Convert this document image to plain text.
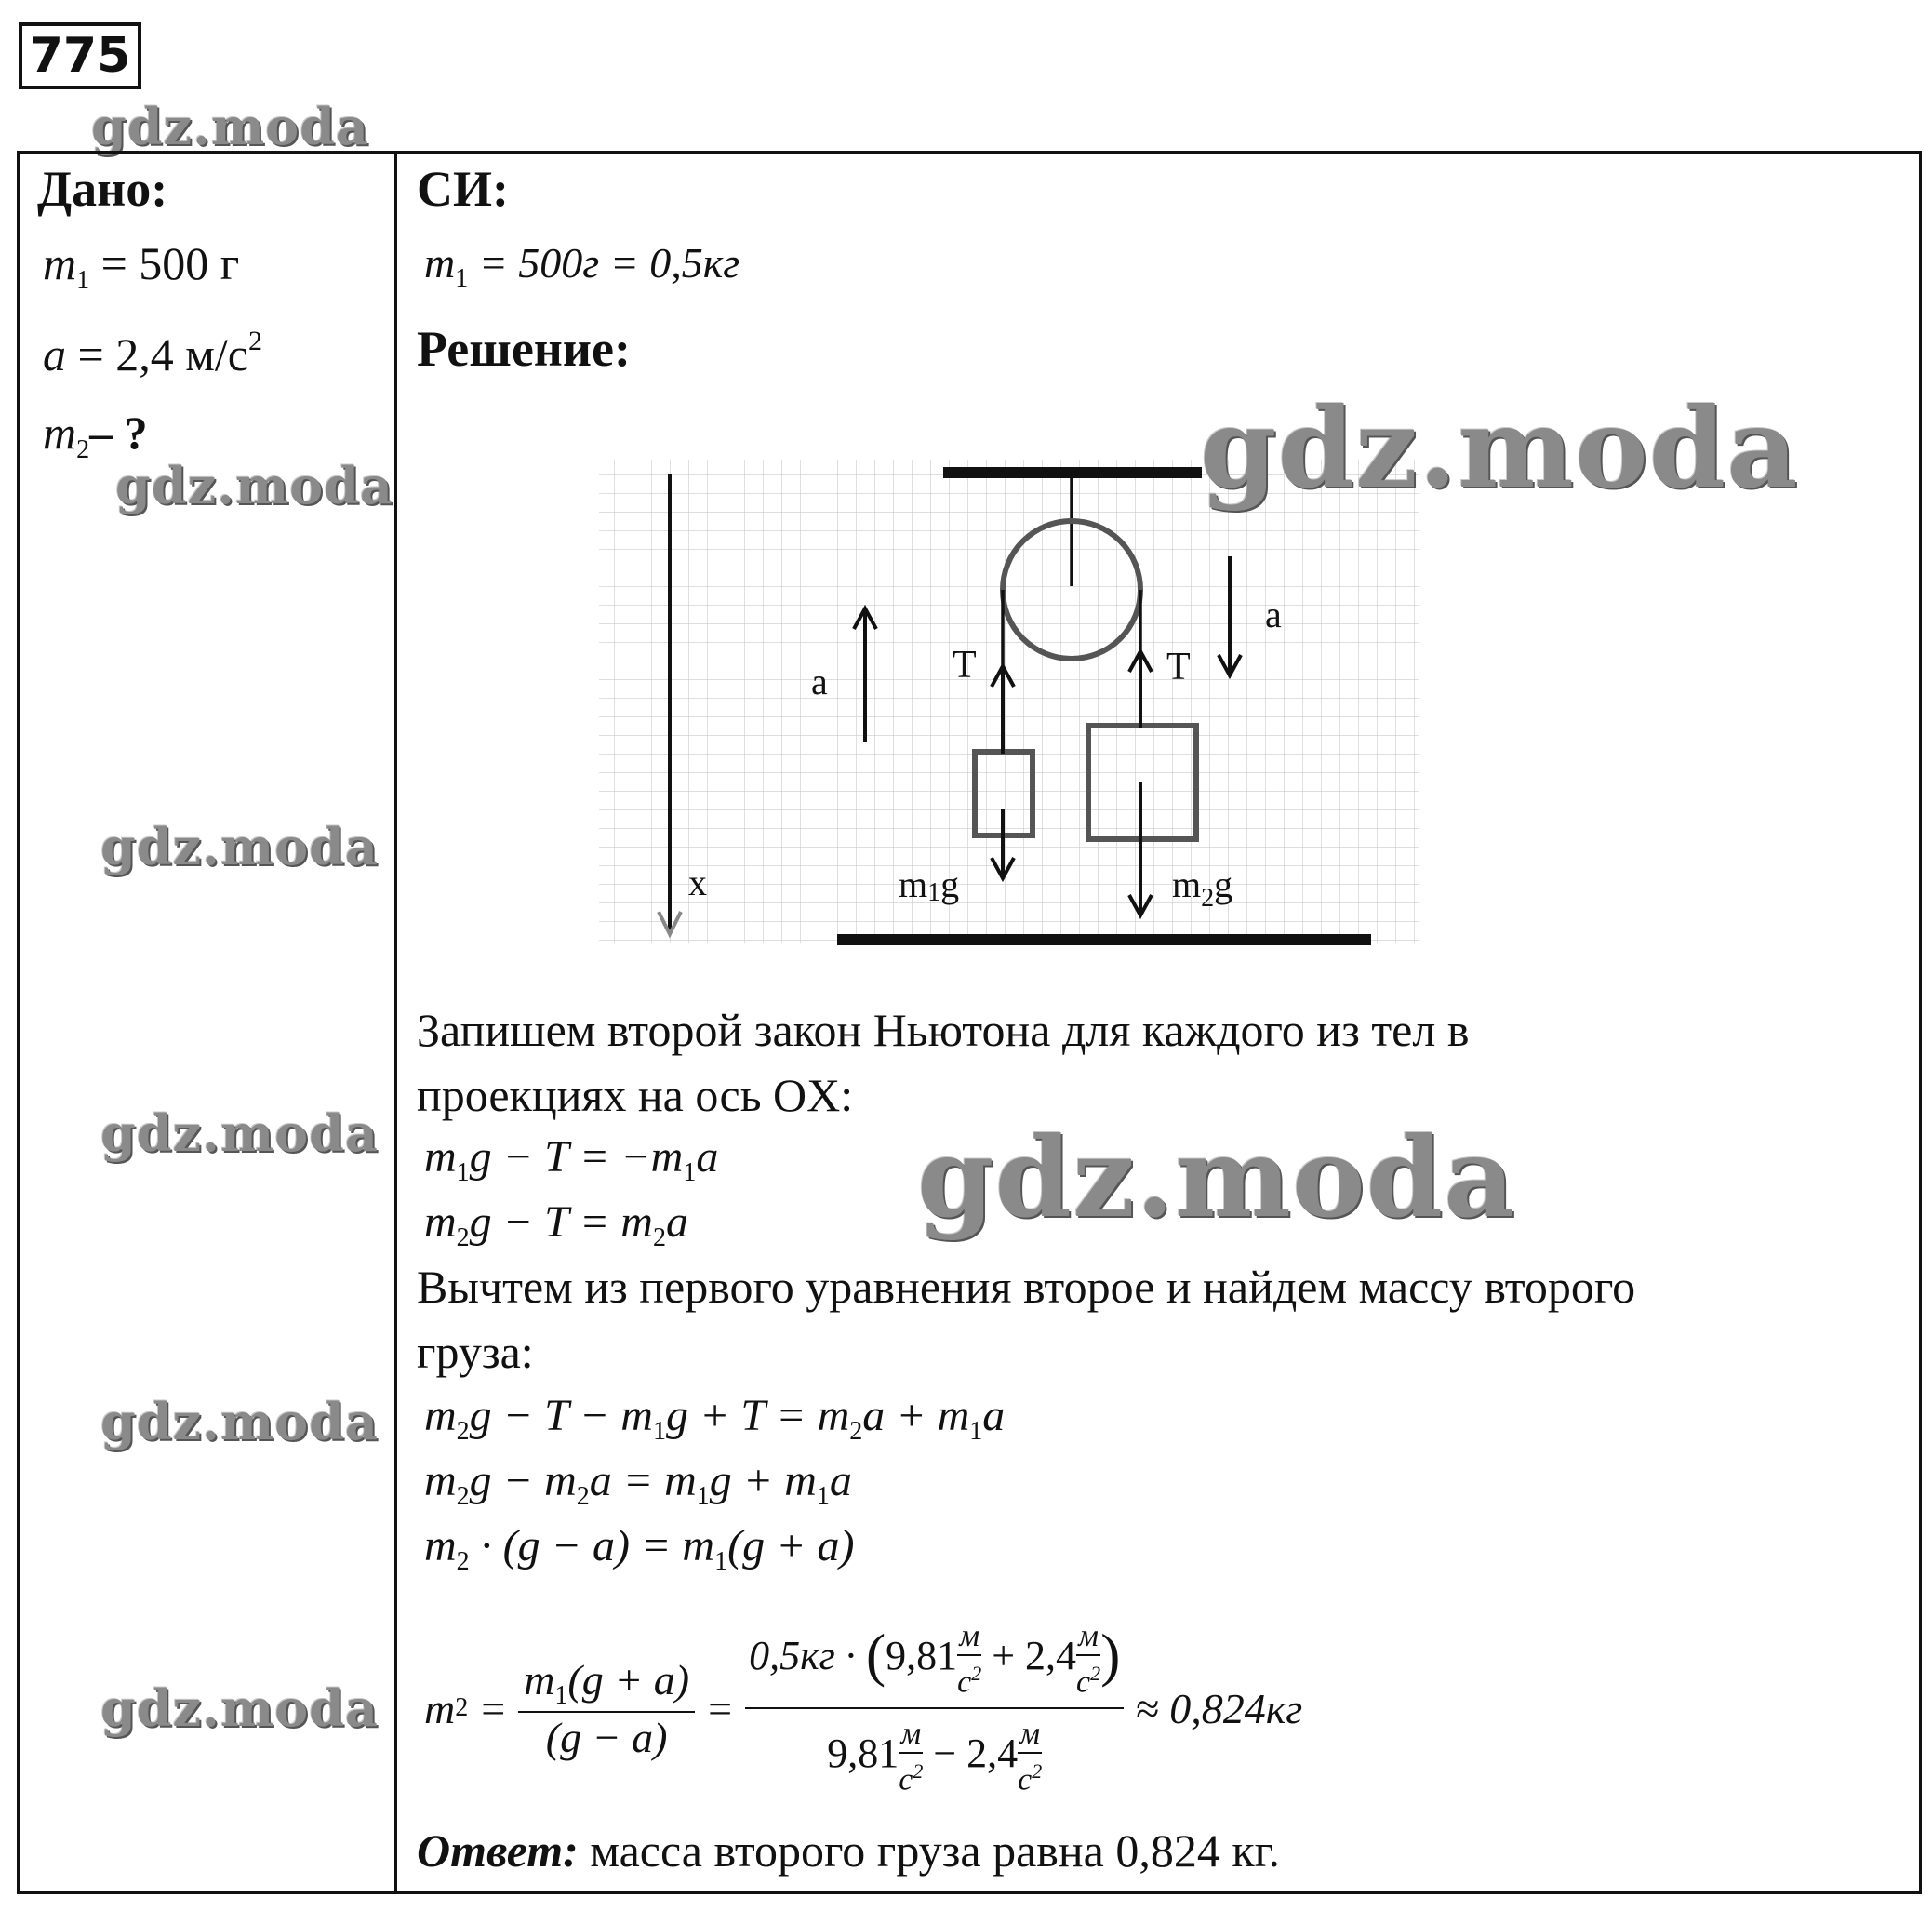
775
gdz.moda
gdz.moda
gdz.moda
gdz.moda
gdz.moda
gdz.moda
Дано:
$m_1 = 500$ г
a = 2,4 $м/с^2$
$m_2-$ ?
СИ:
$m_1 = 500г = 0,5кг$
Решение:
a
a
T	T
x	m1g	$m_2g$
gdz.moda
gdz.moda
Запишем второй закон Ньютона для каждого из тел в
проекциях на ось OX:
$m_1g - T = -m_1a$
$m_2g - T = m_2a$
Вычтем из первого уравнения второе и найдем массу второго
груза:
$m_2g - T - m_1g + T = m_2a + m_1a$
$m_2g - m_2a = m_1g + m_1a$
$m_2 \cdot (g - a) = m_1(g + a)$
m $2 = \frac{m_1(g + a)}{(g - a)} = 0,5кг \cdot (9,81$ м
$с^2 + 2,4$ м
$с^2$ )
9,81 м
$с^2 - 2,4$ м
$с^2 \approx 0,824кг$
Ответ: масса второго груза равна 0,824 кг.
